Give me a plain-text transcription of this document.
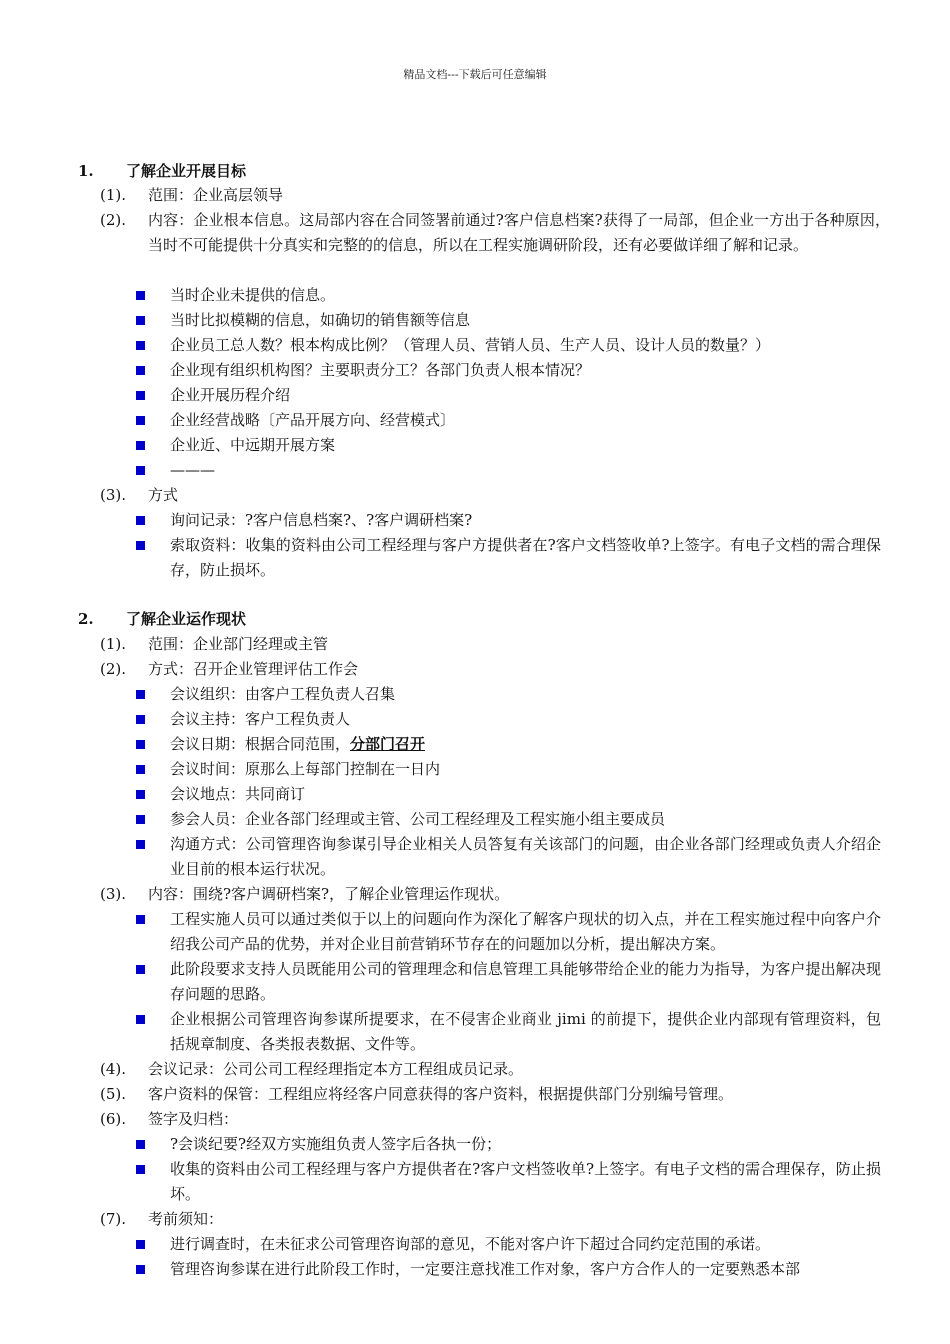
精品文档---下载后可任意编辑
1. 了解企业开展目标
(1). 范围：企业高层领导
(2). 内容：企业根本信息。这局部内容在合同签署前通过?客户信息档案?获得了一局部，但企业一方出于各种原因，当时不可能提供十分真实和完整的的信息，所以在工程实施调研阶段，还有必要做详细了解和记录。
当时企业未提供的信息。
当时比拟模糊的信息，如确切的销售额等信息
企业员工总人数？根本构成比例？（管理人员、营销人员、生产人员、设计人员的数量？）
企业现有组织机构图？主要职责分工？各部门负责人根本情况？
企业开展历程介绍
企业经营战略〔产品开展方向、经营模式〕
企业近、中远期开展方案
———
(3). 方式
询问记录：?客户信息档案?、?客户调研档案?
索取资料：收集的资料由公司工程经理与客户方提供者在?客户文档签收单?上签字。有电子文档的需合理保存，防止损坏。
2. 了解企业运作现状
(1). 范围：企业部门经理或主管
(2). 方式：召开企业管理评估工作会
会议组织：由客户工程负责人召集
会议主持：客户工程负责人
会议日期：根据合同范围，分部门召开
会议时间：原那么上每部门控制在一日内
会议地点：共同商订
参会人员：企业各部门经理或主管、公司工程经理及工程实施小组主要成员
沟通方式：公司管理咨询参谋引导企业相关人员答复有关该部门的问题，由企业各部门经理或负责人介绍企业目前的根本运行状况。
(3). 内容：围绕?客户调研档案?，了解企业管理运作现状。
工程实施人员可以通过类似于以上的问题向作为深化了解客户现状的切入点，并在工程实施过程中向客户介绍我公司产品的优势，并对企业目前营销环节存在的问题加以分析，提出解决方案。
此阶段要求支持人员既能用公司的管理理念和信息管理工具能够带给企业的能力为指导，为客户提出解决现存问题的思路。
企业根据公司管理咨询参谋所提要求，在不侵害企业商业 jimi 的前提下，提供企业内部现有管理资料，包括规章制度、各类报表数据、文件等。
(4). 会议记录：公司公司工程经理指定本方工程组成员记录。
(5). 客户资料的保管：工程组应将经客户同意获得的客户资料，根据提供部门分别编号管理。
(6). 签字及归档：
?会谈纪要?经双方实施组负责人签字后各执一份；
收集的资料由公司工程经理与客户方提供者在?客户文档签收单?上签字。有电子文档的需合理保存，防止损坏。
(7). 考前须知：
进行调查时，在未征求公司管理咨询部的意见，不能对客户许下超过合同约定范围的承诺。
管理咨询参谋在进行此阶段工作时，一定要注意找准工作对象，客户方合作人的一定要熟悉本部
